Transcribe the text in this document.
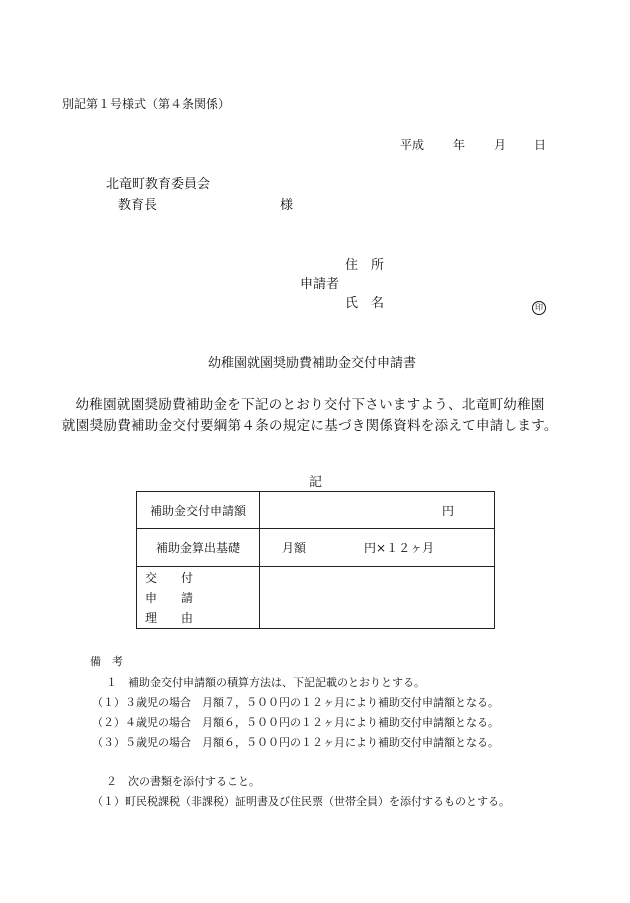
別記第１号様式（第４条関係）
平成 年 月 日
北竜町教育委員会
教育長	様
住　所
申請者
氏　名	印
幼稚園就園奨励費補助金交付申請書
幼稚園就園奨励費補助金を下記のとおり交付下さいますよう、北竜町幼稚園就園奨励費補助金交付要綱第４条の規定に基づき関係資料を添えて申請します。
記
補助金交付申請額	円
補助金算出基礎	月額 円×１２ヶ月

交　付
申　請
理　由	

備　考
１　補助金交付申請額の積算方法は、下記記載のとおりとする。
（１）３歳児の場合　月額７，５００円の１２ヶ月により補助交付申請額となる。
（２）４歳児の場合　月額６，５００円の１２ヶ月により補助交付申請額となる。
（３）５歳児の場合　月額６，５００円の１２ヶ月により補助交付申請額となる。
２　次の書類を添付すること。
（１）町民税課税（非課税）証明書及び住民票（世帯全員）を添付するものとする。
